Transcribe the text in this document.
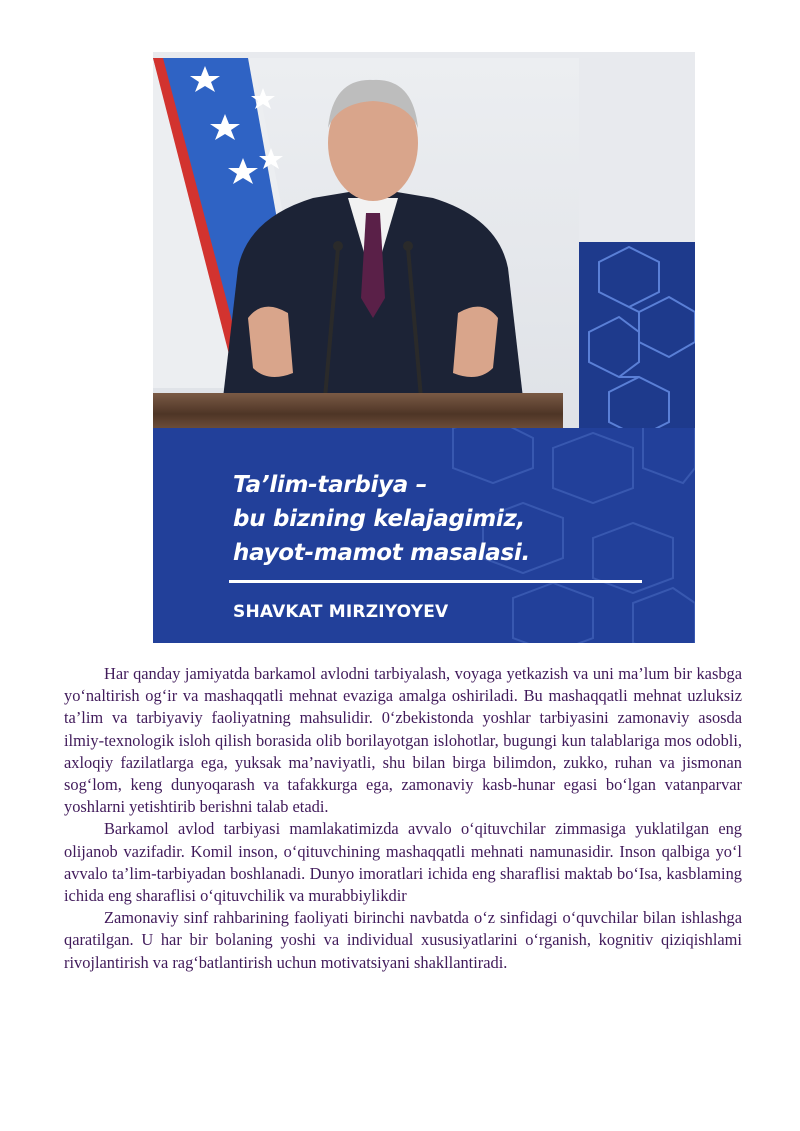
Ta’lim-tarbiya –
bu bizning kelajagimiz,
hayot-mamot masalasi.
SHAVKAT MIRZIYOYEV

Har qanday jamiyatda barkamol avlodni tarbiyalash, voyaga yetkazish va uni ma’lum bir kasbga yo‘naltirish og‘ir va mashaqqatli mehnat evaziga amalga oshiriladi. Bu mashaqqatli mehnat uzluksiz ta’lim va tarbiyaviy faoliyatning mahsulidir. 0‘zbekistonda yoshlar tarbiyasini zamonaviy asosda ilmiy-texnologik isloh qilish borasida olib borilayotgan islohotlar, bugungi kun talablariga mos odobli, axloqiy fazilatlarga ega, yuksak ma’naviyatli, shu bilan birga bilimdon, zukko, ruhan va jismonan sog‘lom, keng dunyoqarash va tafakkurga ega, zamonaviy kasb-hunar egasi bo‘lgan vatanparvar yoshlarni yetishtirib berishni talab etadi.

Barkamol avlod tarbiyasi mamlakatimizda avvalo o‘qituvchilar zimmasiga yuklatilgan eng olijanob vazifadir. Komil inson, o‘qituvchining mashaqqatli mehnati namunasidir. Inson qalbiga yo‘l avvalo ta’lim-tarbiyadan boshlanadi. Dunyo imoratlari ichida eng sharaflisi maktab bo‘Isa, kasblaming ichida eng sharaflisi o‘qituvchilik va murabbiylikdir

Zamonaviy sinf rahbarining faoliyati birinchi navbatda o‘z sinfidagi o‘quvchilar bilan ishlashga qaratilgan. U har bir bolaning yoshi va individual xususiyatlarini o‘rganish, kognitiv qiziqishlami rivojlantirish va rag‘batlantirish uchun motivatsiyani shakllantiradi.
